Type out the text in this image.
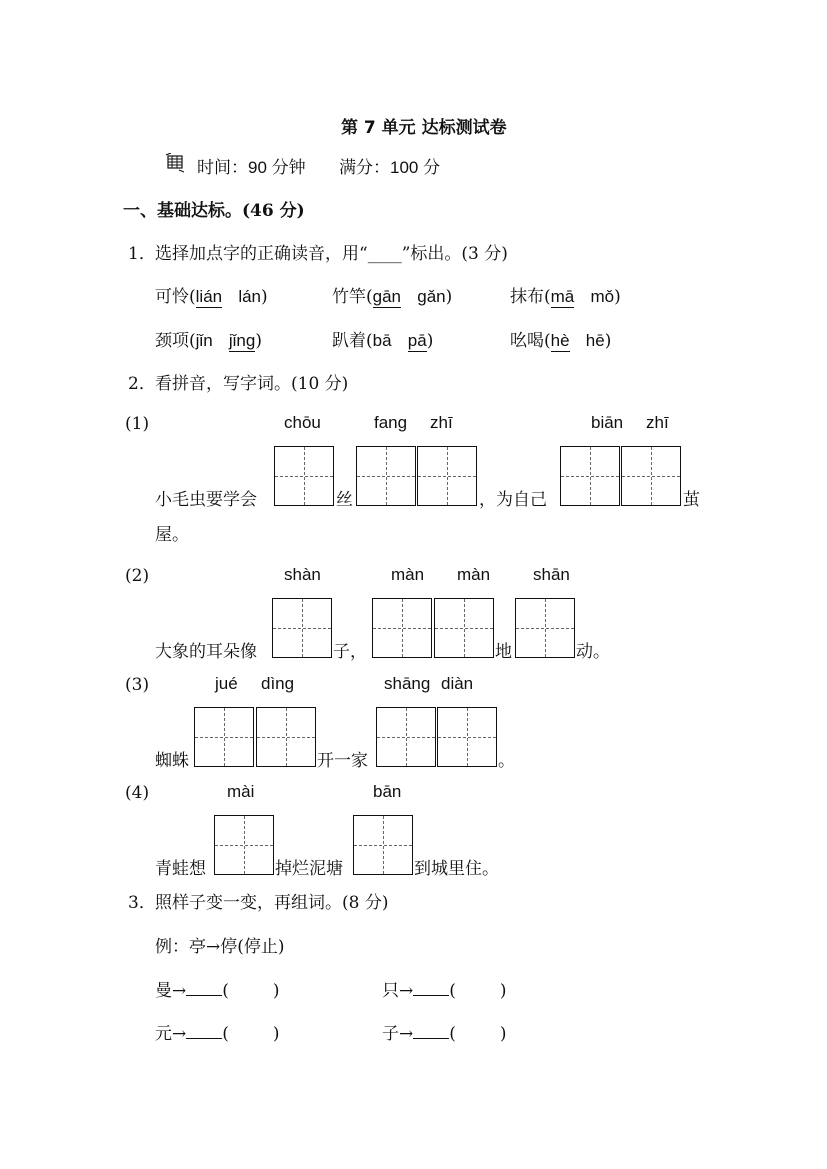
第 7 单元 达标测试卷
时间：90 分钟 满分：100 分
一、基础达标。(46 分)
1． 选择加点字的正确读音，用“____”标出。(3 分)
可怜(lián lán)	竹竿(gān gǎn)	抹布(mā mǒ)
颈项(jǐn jǐng)	趴着(bā pā)	吆喝(hè hē)
2． 看拼音，写字词。(10 分)
(1)	chōu	fang zhī	biān zhī
小毛虫要学会	丝	，为自己	茧
屋。
(2)	shàn	màn màn	shān
大象的耳朵像	子，	地	动。
(3)	jué dìng	shāng diàn
蜘蛛	开一家	。
(4)	mài	bān
青蛙想	掉烂泥塘	到城里住。
3． 照样子变一变，再组词。(8 分)
例：亭→停(停止)
曼→ (	)	只→ (	)
元→ (	)	子→ (	)
